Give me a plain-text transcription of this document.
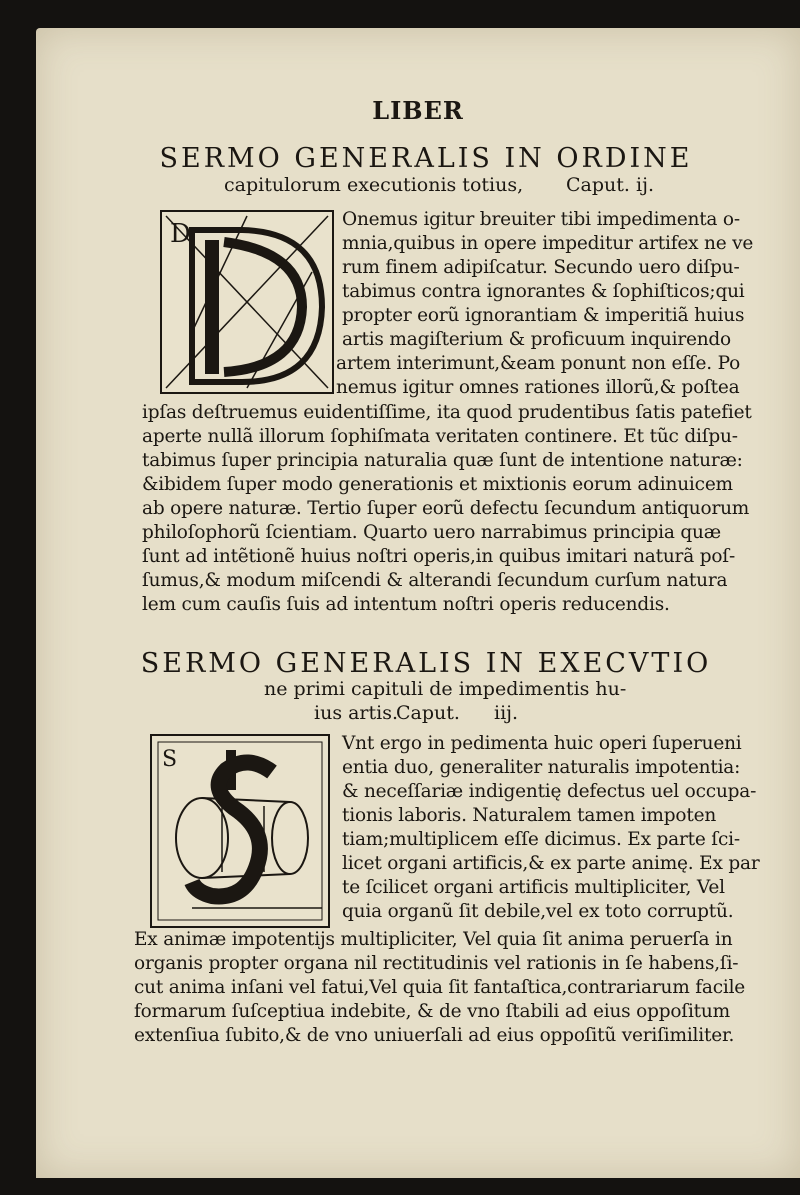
LIBER
SERMO GENERALIS IN ORDINE
capitulorum executionis totius, Caput. ij.
D	Onemus igitur breuiter tibi impedimenta o-
mnia,quibus in opere impeditur artifex ne ve
rum finem adipiſcatur. Secundo uero diſpu-
tabimus contra ignorantes & ſophiſticos;qui
propter eorũ ignorantiam & imperitiã huius
artis magiſterium & proficuum inquirendo
artem interimunt,&eam ponunt non eſſe. Po
nemus igitur omnes rationes illorũ,& poſtea
ipſas deſtruemus euidentiſſime, ita quod prudentibus ſatis patefiet
aperte nullã illorum ſophiſmata veritaten continere. Et tũc diſpu-
tabimus ſuper principia naturalia quæ ſunt de intentione naturæ:
&ibidem ſuper modo generationis et mixtionis eorum adinuicem
ab opere naturæ. Tertio ſuper eorũ defectu ſecundum antiquorum
philoſophorũ ſcientiam. Quarto uero narrabimus principia quæ
ſunt ad intẽtionẽ huius noſtri operis,in quibus imitari naturã poſ-
ſumus,& modum miſcendi & alterandi ſecundum curſum natura
lem cum cauſis ſuis ad intentum noſtri operis reducendis.
SERMO GENERALIS IN EXECVTIO
ne primi capituli de impedimentis hu-
ius artis.
Caput. iij.
S
Vnt ergo in pedimenta huic operi ſuperueni
entia duo, generaliter naturalis impotentia:
& neceſſariæ indigentię defectus uel occupa-
tionis laboris. Naturalem tamen impoten
tiam;multiplicem eſſe dicimus. Ex parte ſci-
licet organi artificis,& ex parte animę. Ex par
te ſcilicet organi artificis multipliciter, Vel
quia organũ ſit debile,vel ex toto corruptũ.
Ex animæ impotentijs multipliciter, Vel quia ſit anima peruerſa in
organis propter organa nil rectitudinis vel rationis in ſe habens,ſi-
cut anima inſani vel fatui,Vel quia ſit fantaſtica,contrariarum facile
formarum ſuſceptiua indebite, & de vno ſtabili ad eius oppoſitum
extenſiua ſubito,& de vno uniuerſali ad eius oppoſitũ veriſimiliter.
